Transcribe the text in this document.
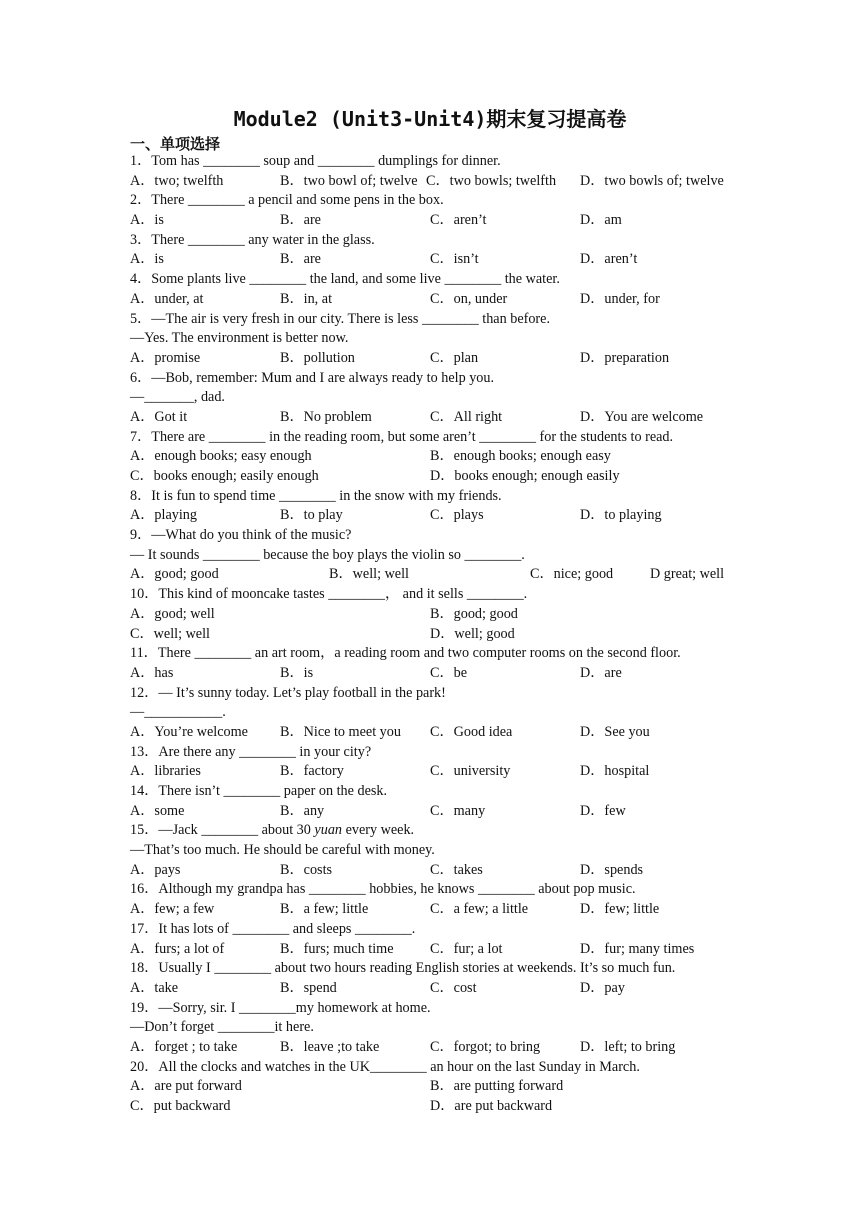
Module2 (Unit3-Unit4)期末复习提高卷
一、单项选择
1．Tom has ________ soup and ________ dumplings for dinner.
A．two; twelfth	B．two bowl of; twelve C．two bowls; twelfth D．two bowls of; twelve
2．There ________ a pencil and some pens in the box.
A．is	B．are	C．aren’t	D．am
3．There ________ any water in the glass.
A．is	B．are	C．isn’t	D．aren’t
4．Some plants live ________ the land, and some live ________ the water.
A．under, at	B．in, at	C．on, under	D．under, for
5．—The air is very fresh in our city. There is less ________ than before.
—Yes. The environment is better now.
A．promise	B．pollution	C．plan	D．preparation
6．—Bob, remember: Mum and I are always ready to help you.
—_______, dad.
A．Got it	B．No problem	C．All right	D．You are welcome
7．There are ________ in the reading room, but some aren’t ________ for the students to read.
A．enough books; easy enough	B．enough books; enough easy
C．books enough; easily enough	D．books enough; enough easily
8．It is fun to spend time ________ in the snow with my friends.
A．playing	B．to play	C．plays	D．to playing
9．—What do you think of the music?
— It sounds ________ because the boy plays the violin so ________.
A．good; good	B．well; well	C．nice; good	D great; well
10．This kind of mooncake tastes ________， and it sells ________.
A．good; well	B．good; good
C．well; well	D．well; good
11．There ________ an art room，a reading room and two computer rooms on the second floor.
A．has	B．is	C．be	D．are
12．— It’s sunny today. Let’s play football in the park!
—___________.
A．You’re welcome B．Nice to meet you C．Good idea	D．See you
13．Are there any ________ in your city?
A．libraries	B．factory	C．university	D．hospital
14．There isn’t ________ paper on the desk.
A．some	B．any	C．many	D．few
15．—Jack ________ about 30 yuan every week.
—That’s too much. He should be careful with money.
A．pays	B．costs	C．takes	D．spends
16．Although my grandpa has ________ hobbies, he knows ________ about pop music.
A．few; a few	B．a few; little	C．a few; a little	D．few; little
17．It has lots of ________ and sleeps ________.
A．furs; a lot of	B．furs; much time	C．fur; a lot	D．fur; many times
18．Usually I ________ about two hours reading English stories at weekends. It’s so much fun.
A．take	B．spend	C．cost	D．pay
19．—Sorry, sir. I ________my homework at home.
—Don’t forget ________it here.
A．forget ; to take	B．leave ;to take	C．forgot; to bring	D．left; to bring
20．All the clocks and watches in the UK________ an hour on the last Sunday in March.
A．are put forward	B．are putting forward
C．put backward	D．are put backward
